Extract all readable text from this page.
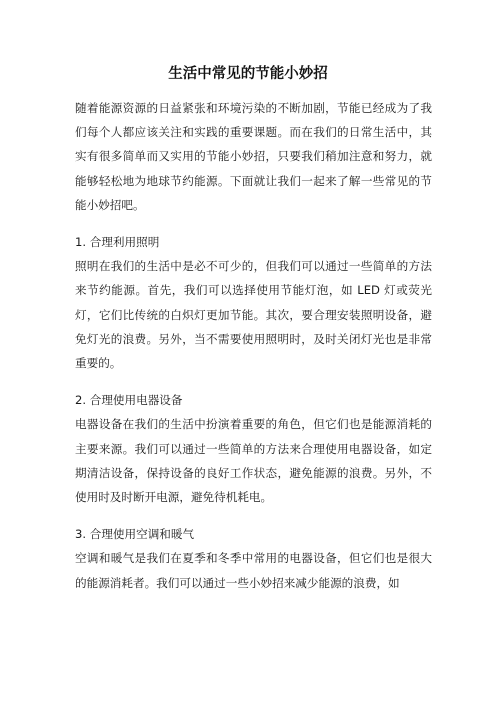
生活中常见的节能小妙招

随着能源资源的日益紧张和环境污染的不断加剧，节能已经成为了我们每个人都应该关注和实践的重要课题。而在我们的日常生活中，其实有很多简单而又实用的节能小妙招，只要我们稍加注意和努力，就能够轻松地为地球节约能源。下面就让我们一起来了解一些常见的节能小妙招吧。

1. 合理利用照明

照明在我们的生活中是必不可少的，但我们可以通过一些简单的方法来节约能源。首先，我们可以选择使用节能灯泡，如 LED 灯或荧光灯，它们比传统的白炽灯更加节能。其次，要合理安装照明设备，避免灯光的浪费。另外，当不需要使用照明时，及时关闭灯光也是非常重要的。

2. 合理使用电器设备

电器设备在我们的生活中扮演着重要的角色，但它们也是能源消耗的主要来源。我们可以通过一些简单的方法来合理使用电器设备，如定期清洁设备，保持设备的良好工作状态，避免能源的浪费。另外，不使用时及时断开电源，避免待机耗电。

3. 合理使用空调和暖气

空调和暖气是我们在夏季和冬季中常用的电器设备，但它们也是很大的能源消耗者。我们可以通过一些小妙招来减少能源的浪费，如
